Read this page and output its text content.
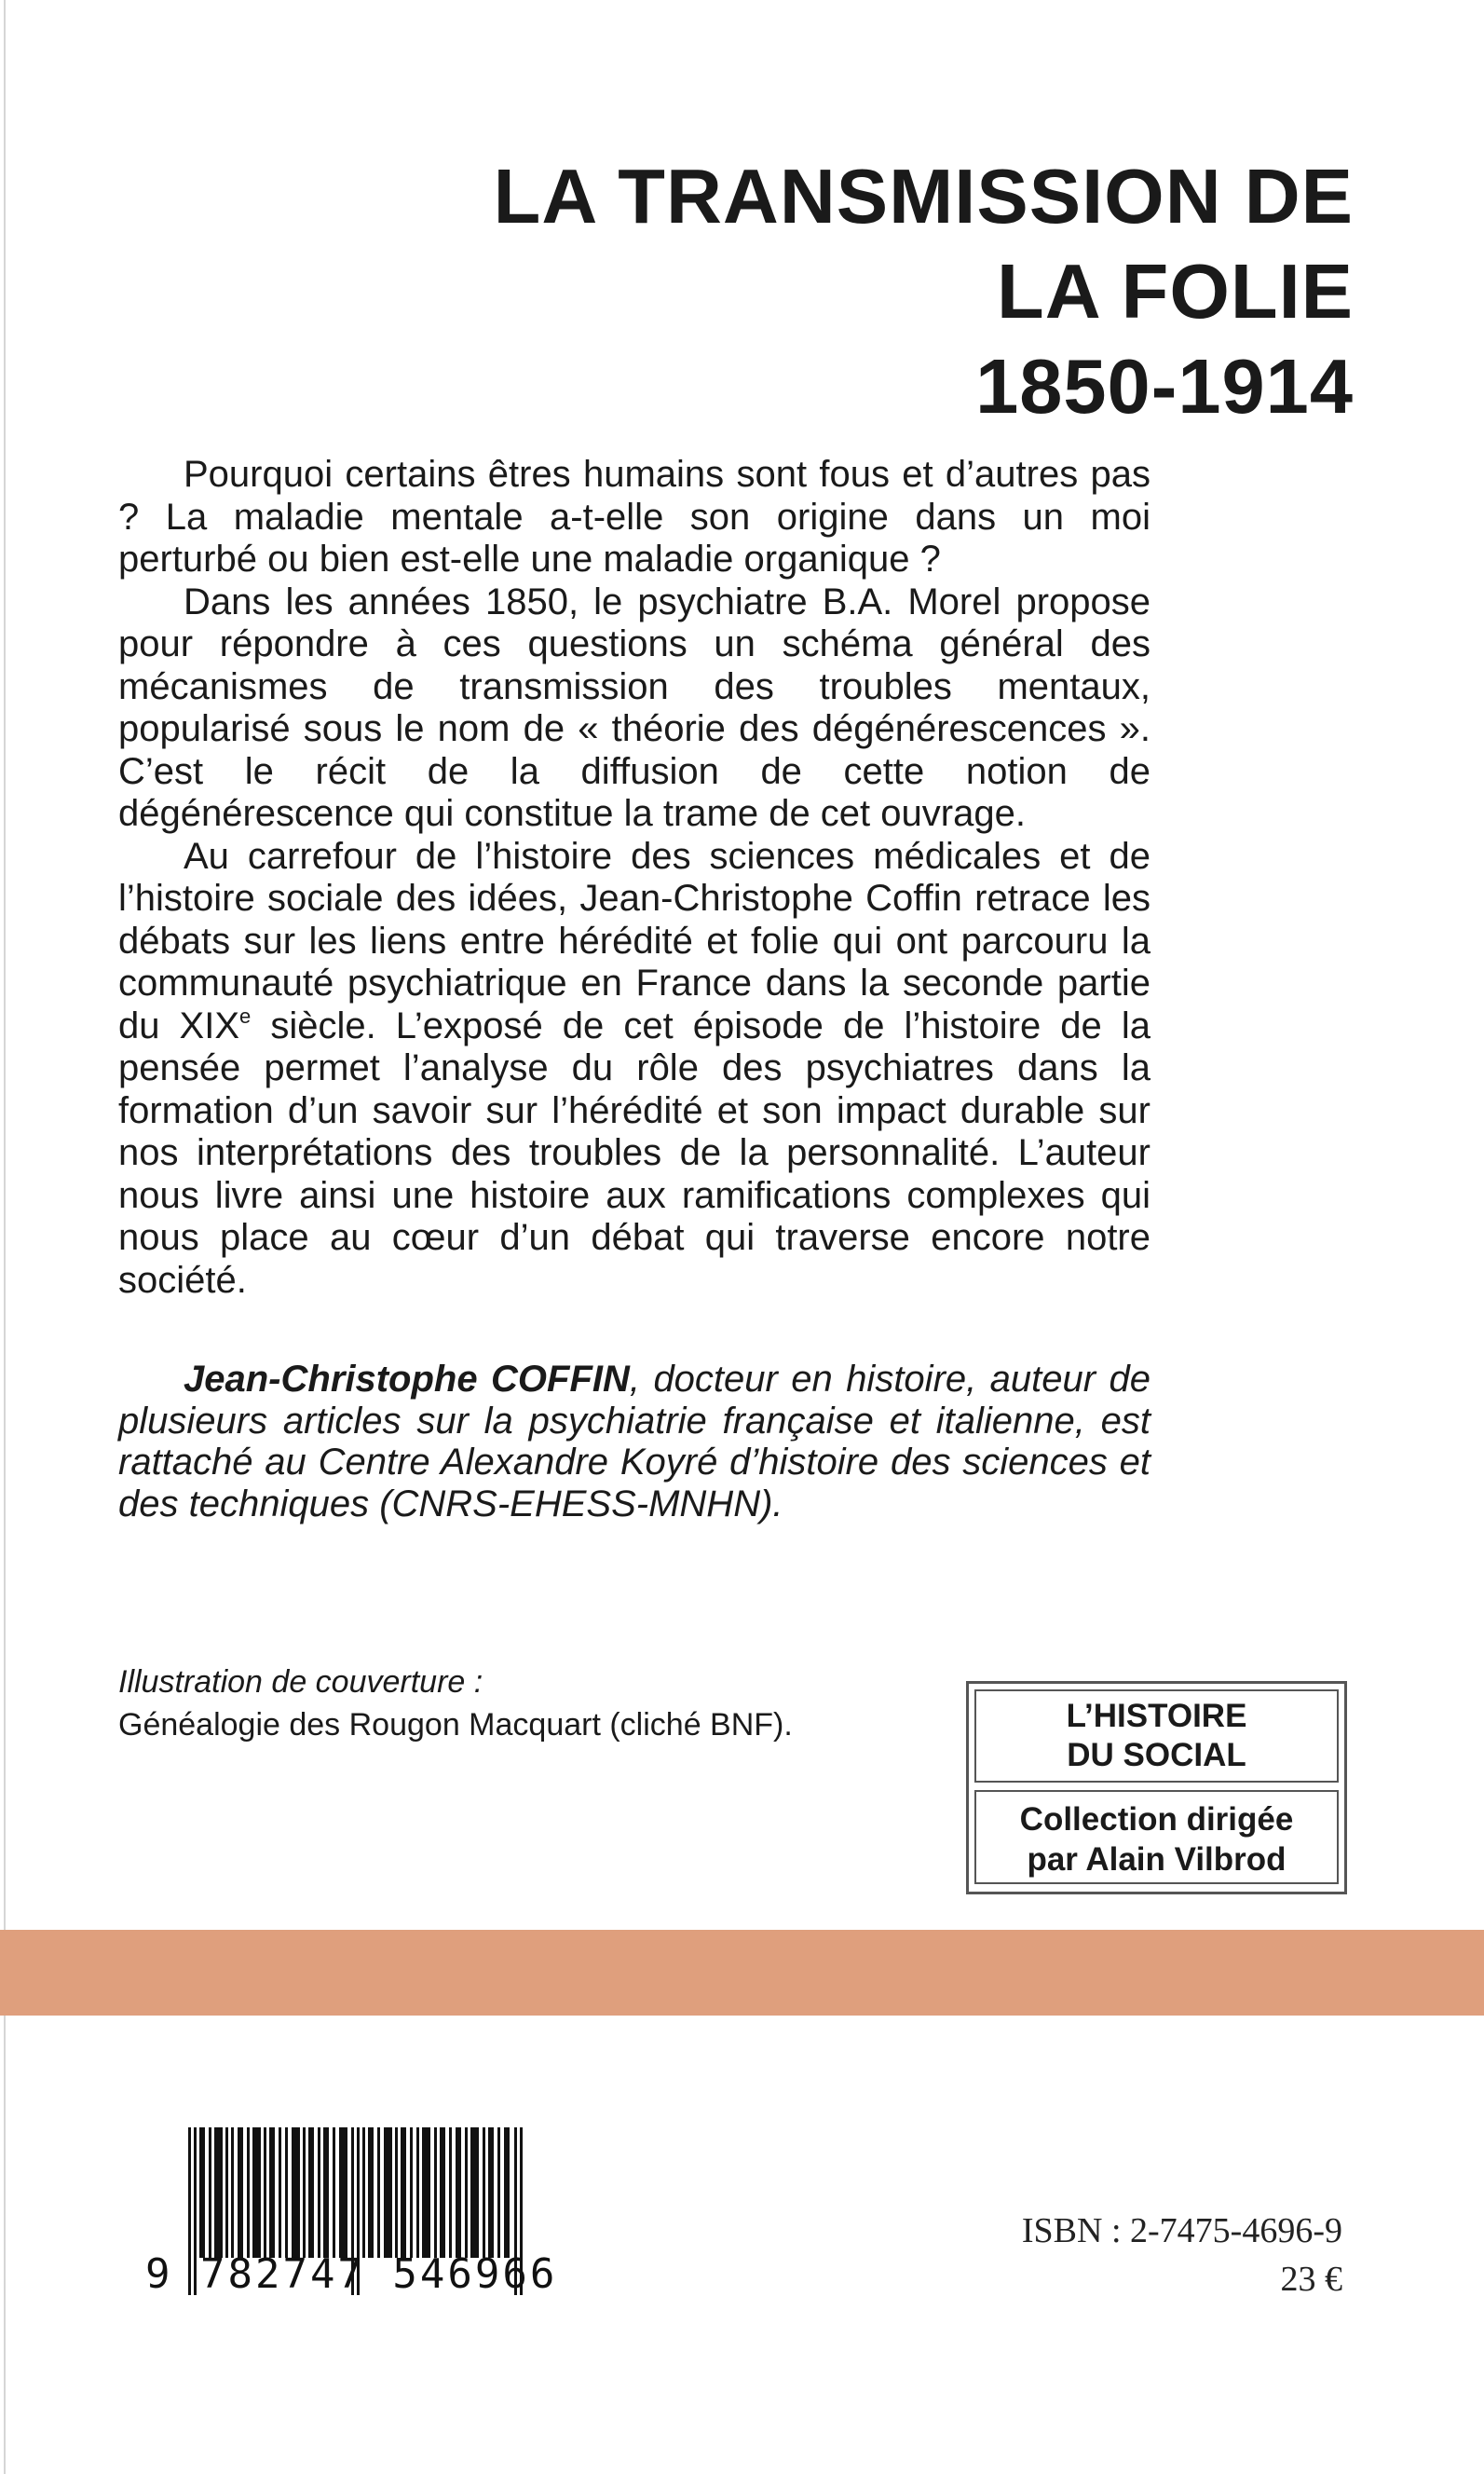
LA TRANSMISSION DE
LA FOLIE
1850-1914

Pourquoi certains êtres humains sont fous et d’autres pas ? La maladie mentale a-t-elle son origine dans un moi perturbé ou bien est-elle une maladie organique ?

Dans les années 1850, le psychiatre B.A. Morel propose pour répondre à ces questions un schéma général des mécanismes de transmission des troubles mentaux, popularisé sous le nom de « théorie des dégénérescences ». C’est le récit de la diffusion de cette notion de dégénérescence qui constitue la trame de cet ouvrage.

Au carrefour de l’histoire des sciences médicales et de l’histoire sociale des idées, Jean-Christophe Coffin retrace les débats sur les liens entre hérédité et folie qui ont parcouru la communauté psychiatrique en France dans la seconde partie du XIXe siècle. L’exposé de cet épisode de l’histoire de la pensée permet l’analyse du rôle des psychiatres dans la formation d’un savoir sur l’hérédité et son impact durable sur nos interprétations des troubles de la personnalité. L’auteur nous livre ainsi une histoire aux ramifications complexes qui nous place au cœur d’un débat qui traverse encore notre société.

Jean-Christophe COFFIN, docteur en histoire, auteur de plusieurs articles sur la psychiatrie française et italienne, est rattaché au Centre Alexandre Koyré d’histoire des sciences et des techniques (CNRS-EHESS-MNHN).
Illustration de couverture :
Généalogie des Rougon Macquart (cliché BNF).	L’HISTOIRE
DU SOCIAL
Collection dirigée
par Alain Vilbrod
9 782747 546966
ISBN : 2-7475-4696-9
23 €
